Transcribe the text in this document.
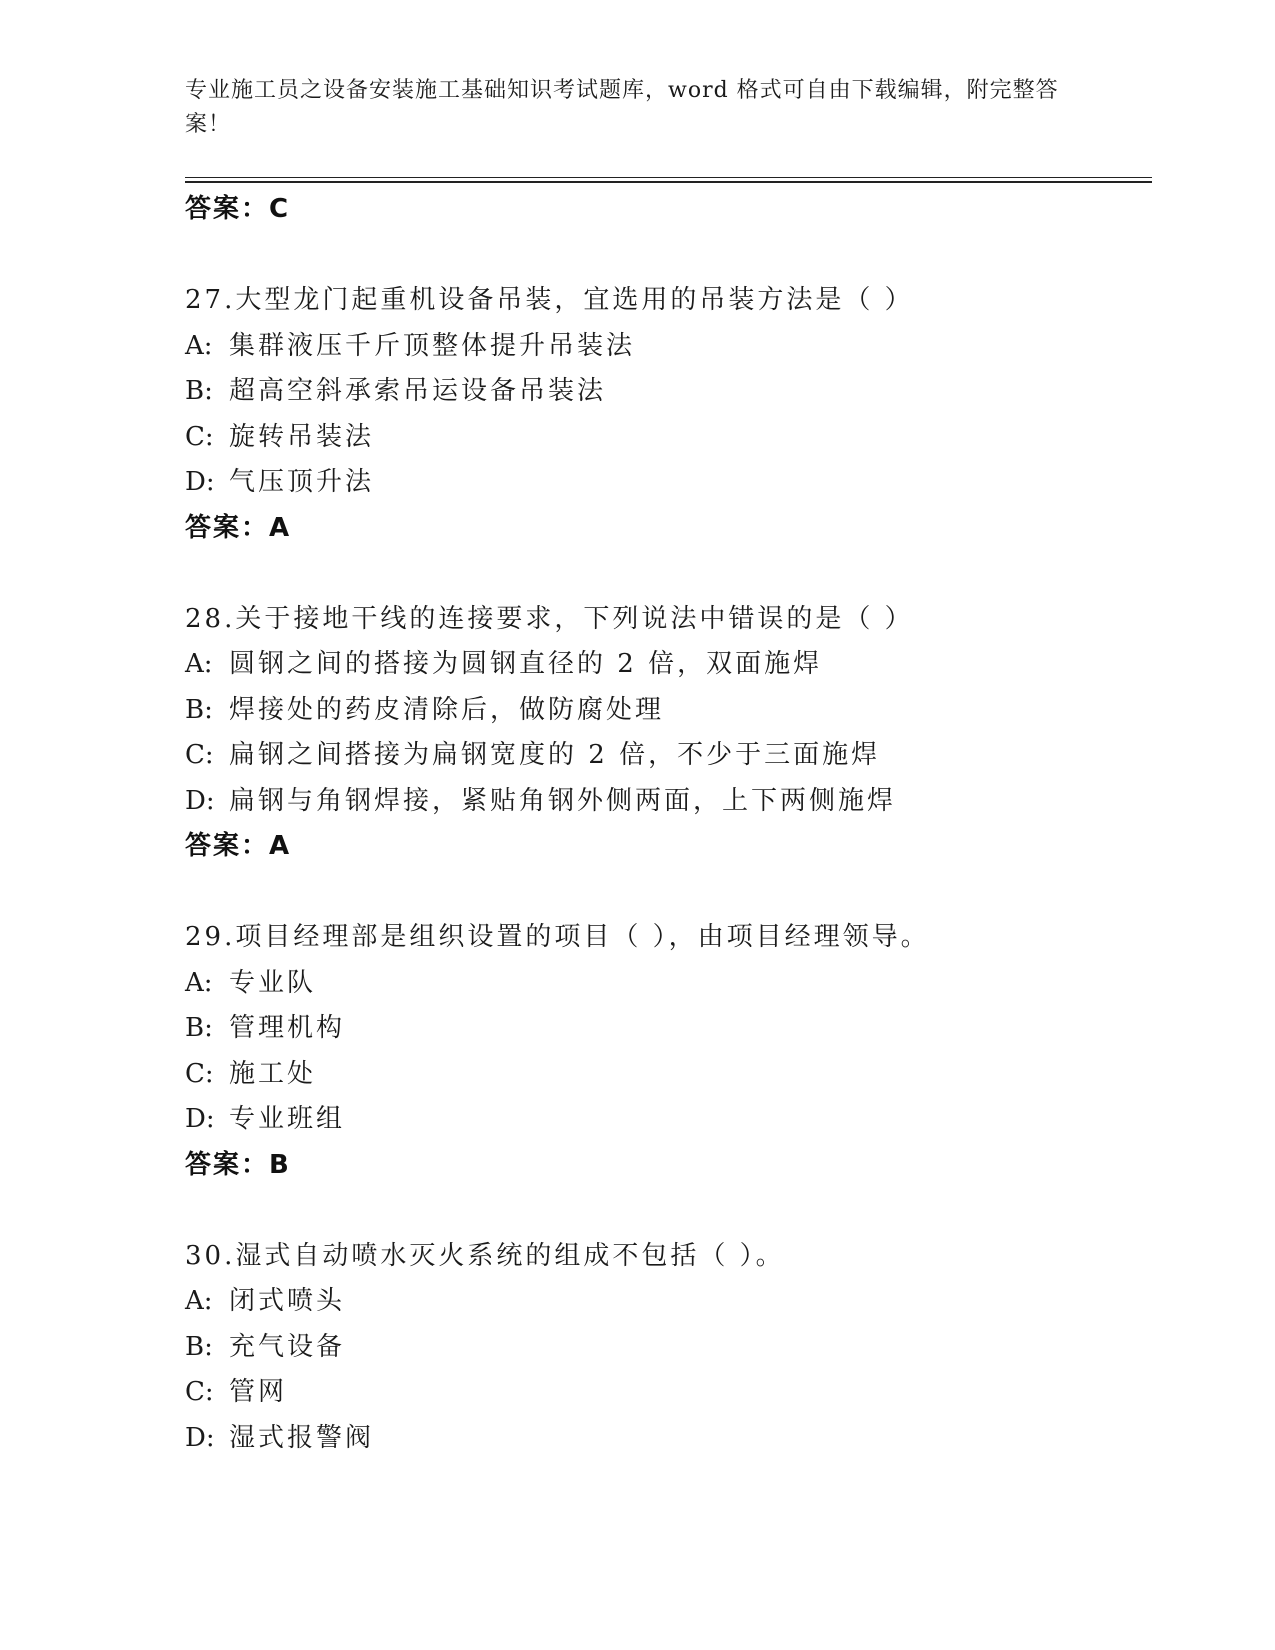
专业施工员之设备安装施工基础知识考试题库，word 格式可自由下载编辑，附完整答案！
答案：C
27.大型龙门起重机设备吊装，宜选用的吊装方法是（ ）
A: 集群液压千斤顶整体提升吊装法
B: 超高空斜承索吊运设备吊装法
C: 旋转吊装法
D: 气压顶升法
答案：A
28.关于接地干线的连接要求，下列说法中错误的是（ ）
A: 圆钢之间的搭接为圆钢直径的 2 倍，双面施焊
B: 焊接处的药皮清除后，做防腐处理
C: 扁钢之间搭接为扁钢宽度的 2 倍，不少于三面施焊
D: 扁钢与角钢焊接，紧贴角钢外侧两面，上下两侧施焊
答案：A
29.项目经理部是组织设置的项目（ ），由项目经理领导。
A: 专业队
B: 管理机构
C: 施工处
D: 专业班组
答案：B
30.湿式自动喷水灭火系统的组成不包括（ ）。
A: 闭式喷头
B: 充气设备
C: 管网
D: 湿式报警阀
